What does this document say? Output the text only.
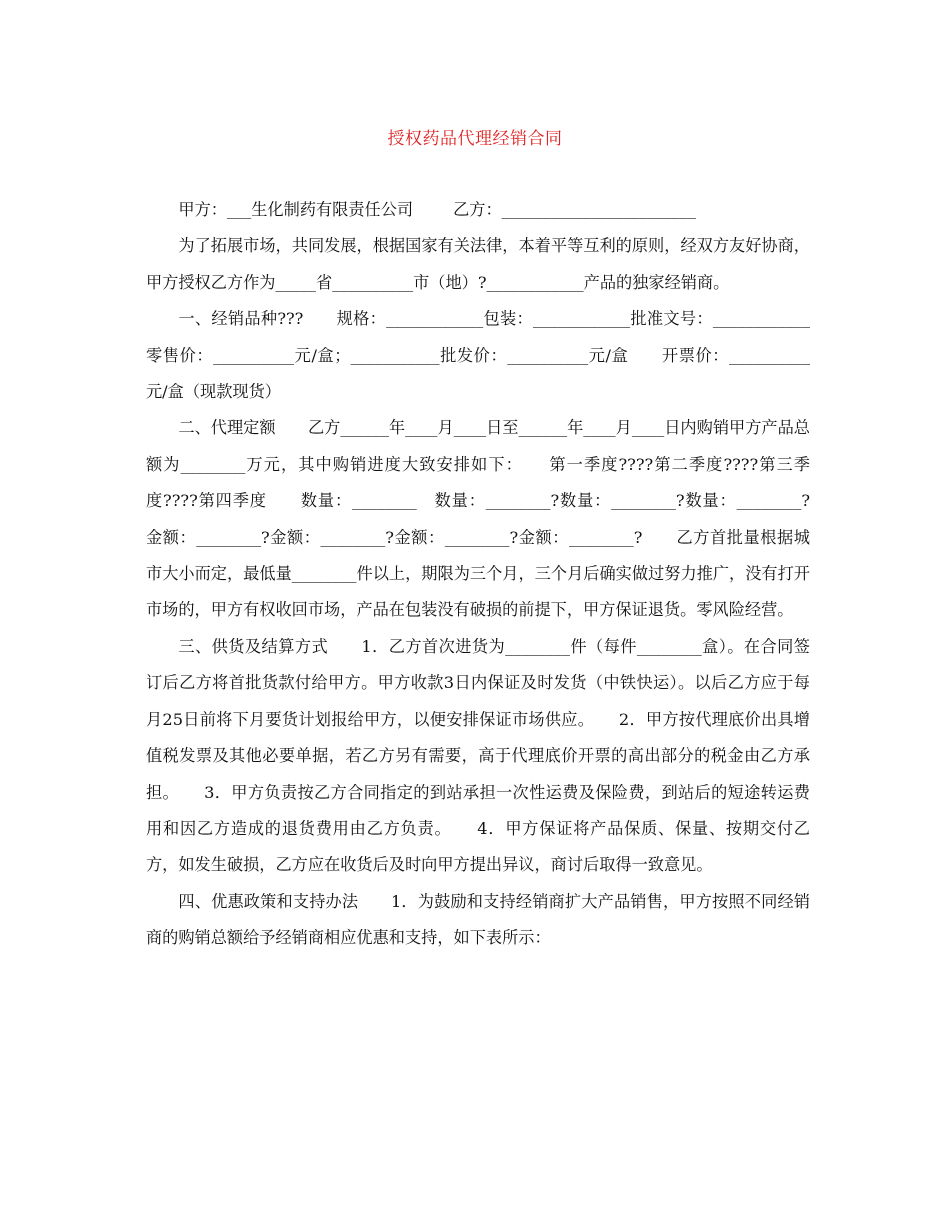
授权药品代理经销合同

甲方：___生化制药有限责任公司 乙方：________________________

为了拓展市场，共同发展，根据国家有关法律，本着平等互利的原则，经双方友好协商，甲方授权乙方作为_____省__________市（地）?____________产品的独家经销商。

一、经销品种???　　规格：____________包装：____________批准文号：____________　　零售价：__________元/盒；___________批发价：__________元/盒　　开票价：__________元/盒（现款现货）

二、代理定额　　乙方______年____月____日至______年____月____日内购销甲方产品总额为________万元，其中购销进度大致安排如下：　　第一季度????第二季度????第三季度????第四季度　　数量：________　数量：________?数量：________?数量：________?　　金额：________?金额：________?金额：________?金额：________?　　乙方首批量根据城市大小而定，最低量________件以上，期限为三个月，三个月后确实做过努力推广，没有打开市场的，甲方有权收回市场，产品在包装没有破损的前提下，甲方保证退货。零风险经营。

三、供货及结算方式　　1．乙方首次进货为________件（每件________盒）。在合同签订后乙方将首批货款付给甲方。甲方收款3日内保证及时发货（中铁快运）。以后乙方应于每月25日前将下月要货计划报给甲方，以便安排保证市场供应。　　2．甲方按代理底价出具增值税发票及其他必要单据，若乙方另有需要，高于代理底价开票的高出部分的税金由乙方承担。　　3．甲方负责按乙方合同指定的到站承担一次性运费及保险费，到站后的短途转运费用和因乙方造成的退货费用由乙方负责。　　4．甲方保证将产品保质、保量、按期交付乙方，如发生破损，乙方应在收货后及时向甲方提出异议，商讨后取得一致意见。

四、优惠政策和支持办法　　1．为鼓励和支持经销商扩大产品销售，甲方按照不同经销商的购销总额给予经销商相应优惠和支持，如下表所示：
